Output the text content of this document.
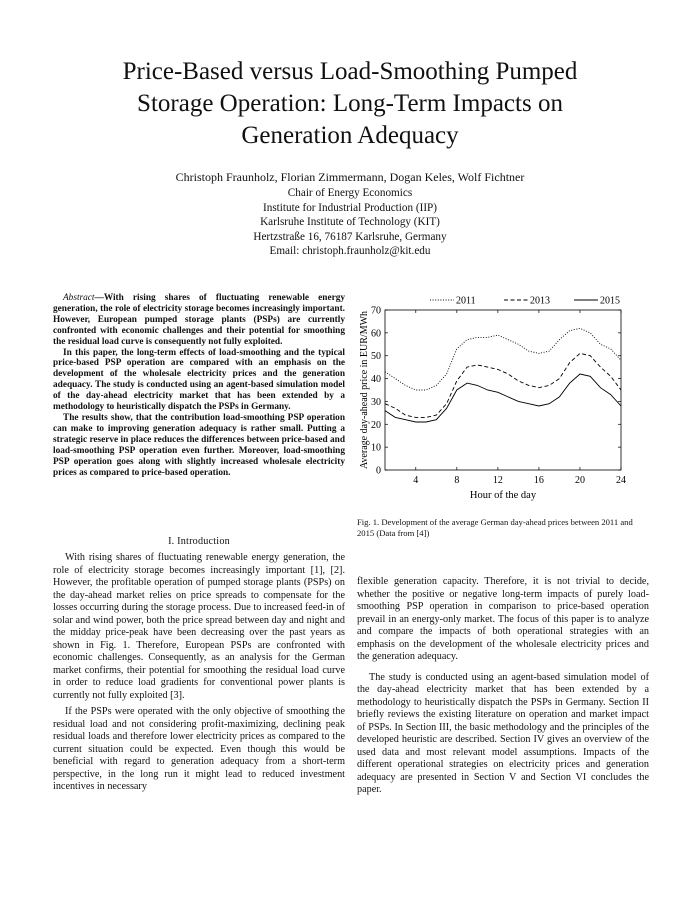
Price-Based versus Load-Smoothing Pumped
Storage Operation: Long-Term Impacts on
Generation Adequacy
Christoph Fraunholz, Florian Zimmermann, Dogan Keles, Wolf Fichtner
Chair of Energy Economics
Institute for Industrial Production (IIP)
Karlsruhe Institute of Technology (KIT)
Hertzstraße 16, 76187 Karlsruhe, Germany
Email: christoph.fraunholz@kit.edu

Abstract—With rising shares of fluctuating renewable energy generation, the role of electricity storage becomes increasingly important. However, European pumped storage plants (PSPs) are currently confronted with economic challenges and their potential for smoothing the residual load curve is consequently not fully exploited.

In this paper, the long-term effects of load-smoothing and the typical price-based PSP operation are compared with an emphasis on the development of the wholesale electricity prices and the generation adequacy. The study is conducted using an agent-based simulation model of the day-ahead electricity market that has been extended by a methodology to heuristically dispatch the PSPs in Germany.

The results show, that the contribution load-smoothing PSP operation can make to improving generation adequacy is rather small. Putting a strategic reserve in place reduces the differences between price-based and load-smoothing PSP operation even further. Moreover, load-smoothing PSP operation goes along with slightly increased wholesale electricity prices as compared to price-based operation.

I. Introduction

With rising shares of fluctuating renewable energy generation, the role of electricity storage becomes increasingly important [1], [2]. However, the profitable operation of pumped storage plants (PSPs) on the day-ahead market relies on price spreads to compensate for the losses occurring during the storage process. Due to increased feed-in of solar and wind power, both the price spread between day and night and the midday price-peak have been decreasing over the past years as shown in Fig. 1. Therefore, European PSPs are confronted with economic challenges. Consequently, as an analysis for the German market confirms, their potential for smoothing the residual load curve in order to reduce load gradients for conventional power plants is currently not fully exploited [3].

If the PSPs were operated with the only objective of smoothing the residual load and not considering profit-maximizing, declining peak residual loads and therefore lower electricity prices as compared to the current situation could be expected. Even though this would be beneficial with regard to generation adequacy from a short-term perspective, in the long run it might lead to reduced investment incentives in necessary

flexible generation capacity. Therefore, it is not trivial to decide, whether the positive or negative long-term impacts of purely load-smoothing PSP operation in comparison to price-based operation prevail in an energy-only market. The focus of this paper is to analyze and compare the impacts of both operational strategies with an emphasis on the development of the wholesale electricity prices and the generation adequacy.

The study is conducted using an agent-based simulation model of the day-ahead electricity market that has been extended by a methodology to heuristically dispatch the PSPs in Germany. Section II briefly reviews the existing literature on operation and market impact of PSPs. In Section III, the basic methodology and the principles of the developed heuristic are described. Section IV gives an overview of the used data and most relevant model assumptions. Impacts of the different operational strategies on electricity prices and generation adequacy are presented in Section V and Section VI concludes the paper.

0
10
20
30
40
50
60
70
4	8	12	16	20	24
Hour of the day
Average day-ahead price in EUR/MWh
2011	2013	2015
Fig. 1. Development of the average German day-ahead prices between 2011 and 2015 (Data from [4])
